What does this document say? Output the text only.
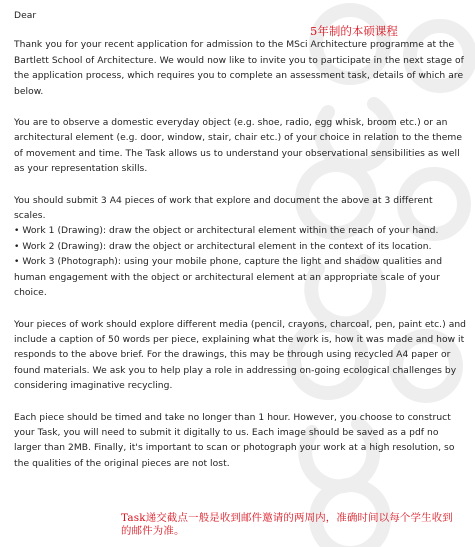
5年制的本硕课程

Dear

Thank you for your recent application for admission to the MSci Architecture programme at the Bartlett School of Architecture. We would now like to invite you to participate in the next stage of the application process, which requires you to complete an assessment task, details of which are below.

You are to observe a domestic everyday object (e.g. shoe, radio, egg whisk, broom etc.) or an architectural element (e.g. door, window, stair, chair etc.) of your choice in relation to the theme of movement and time. The Task allows us to understand your observational sensibilities as well as your representation skills.

You should submit 3 A4 pieces of work that explore and document the above at 3 different scales.

• Work 1 (Drawing): draw the object or architectural element within the reach of your hand.

• Work 2 (Drawing): draw the object or architectural element in the context of its location.

• Work 3 (Photograph): using your mobile phone, capture the light and shadow qualities and human engagement with the object or architectural element at an appropriate scale of your choice.

Your pieces of work should explore different media (pencil, crayons, charcoal, pen, paint etc.) and include a caption of 50 words per piece, explaining what the work is, how it was made and how it responds to the above brief. For the drawings, this may be through using recycled A4 paper or found materials. We ask you to help play a role in addressing on-going ecological challenges by considering imaginative recycling.

Each piece should be timed and take no longer than 1 hour. However, you choose to construct your Task, you will need to submit it digitally to us. Each image should be saved as a pdf no larger than 2MB. Finally, it's important to scan or photograph your work at a high resolution, so the qualities of the original pieces are not lost.

Task递交截点一般是收到邮件邀请的两周内，准确时间以每个学生收到的邮件为准。
